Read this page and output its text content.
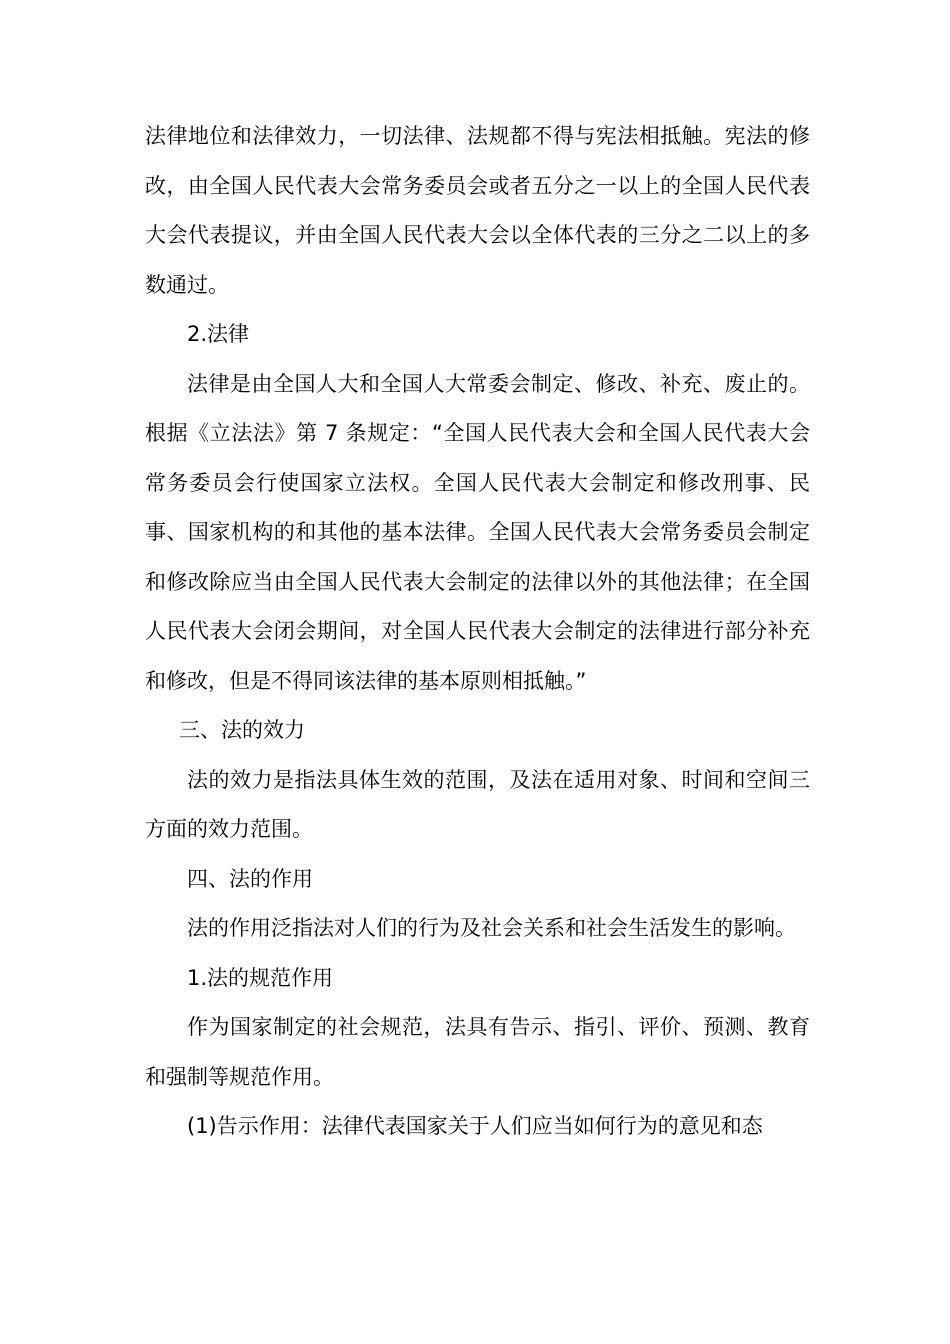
法律地位和法律效力，一切法律、法规都不得与宪法相抵触。宪法的修改，由全国人民代表大会常务委员会或者五分之一以上的全国人民代表大会代表提议，并由全国人民代表大会以全体代表的三分之二以上的多数通过。

2.法律

法律是由全国人大和全国人大常委会制定、修改、补充、废止的。根据《立法法》第 7 条规定：“全国人民代表大会和全国人民代表大会常务委员会行使国家立法权。全国人民代表大会制定和修改刑事、民事、国家机构的和其他的基本法律。全国人民代表大会常务委员会制定和修改除应当由全国人民代表大会制定的法律以外的其他法律；在全国人民代表大会闭会期间，对全国人民代表大会制定的法律进行部分补充和修改，但是不得同该法律的基本原则相抵触。”

三、法的效力

法的效力是指法具体生效的范围，及法在适用对象、时间和空间三方面的效力范围。

四、法的作用

法的作用泛指法对人们的行为及社会关系和社会生活发生的影响。

1.法的规范作用

作为国家制定的社会规范，法具有告示、指引、评价、预测、教育和强制等规范作用。

(1)告示作用：法律代表国家关于人们应当如何行为的意见和态
